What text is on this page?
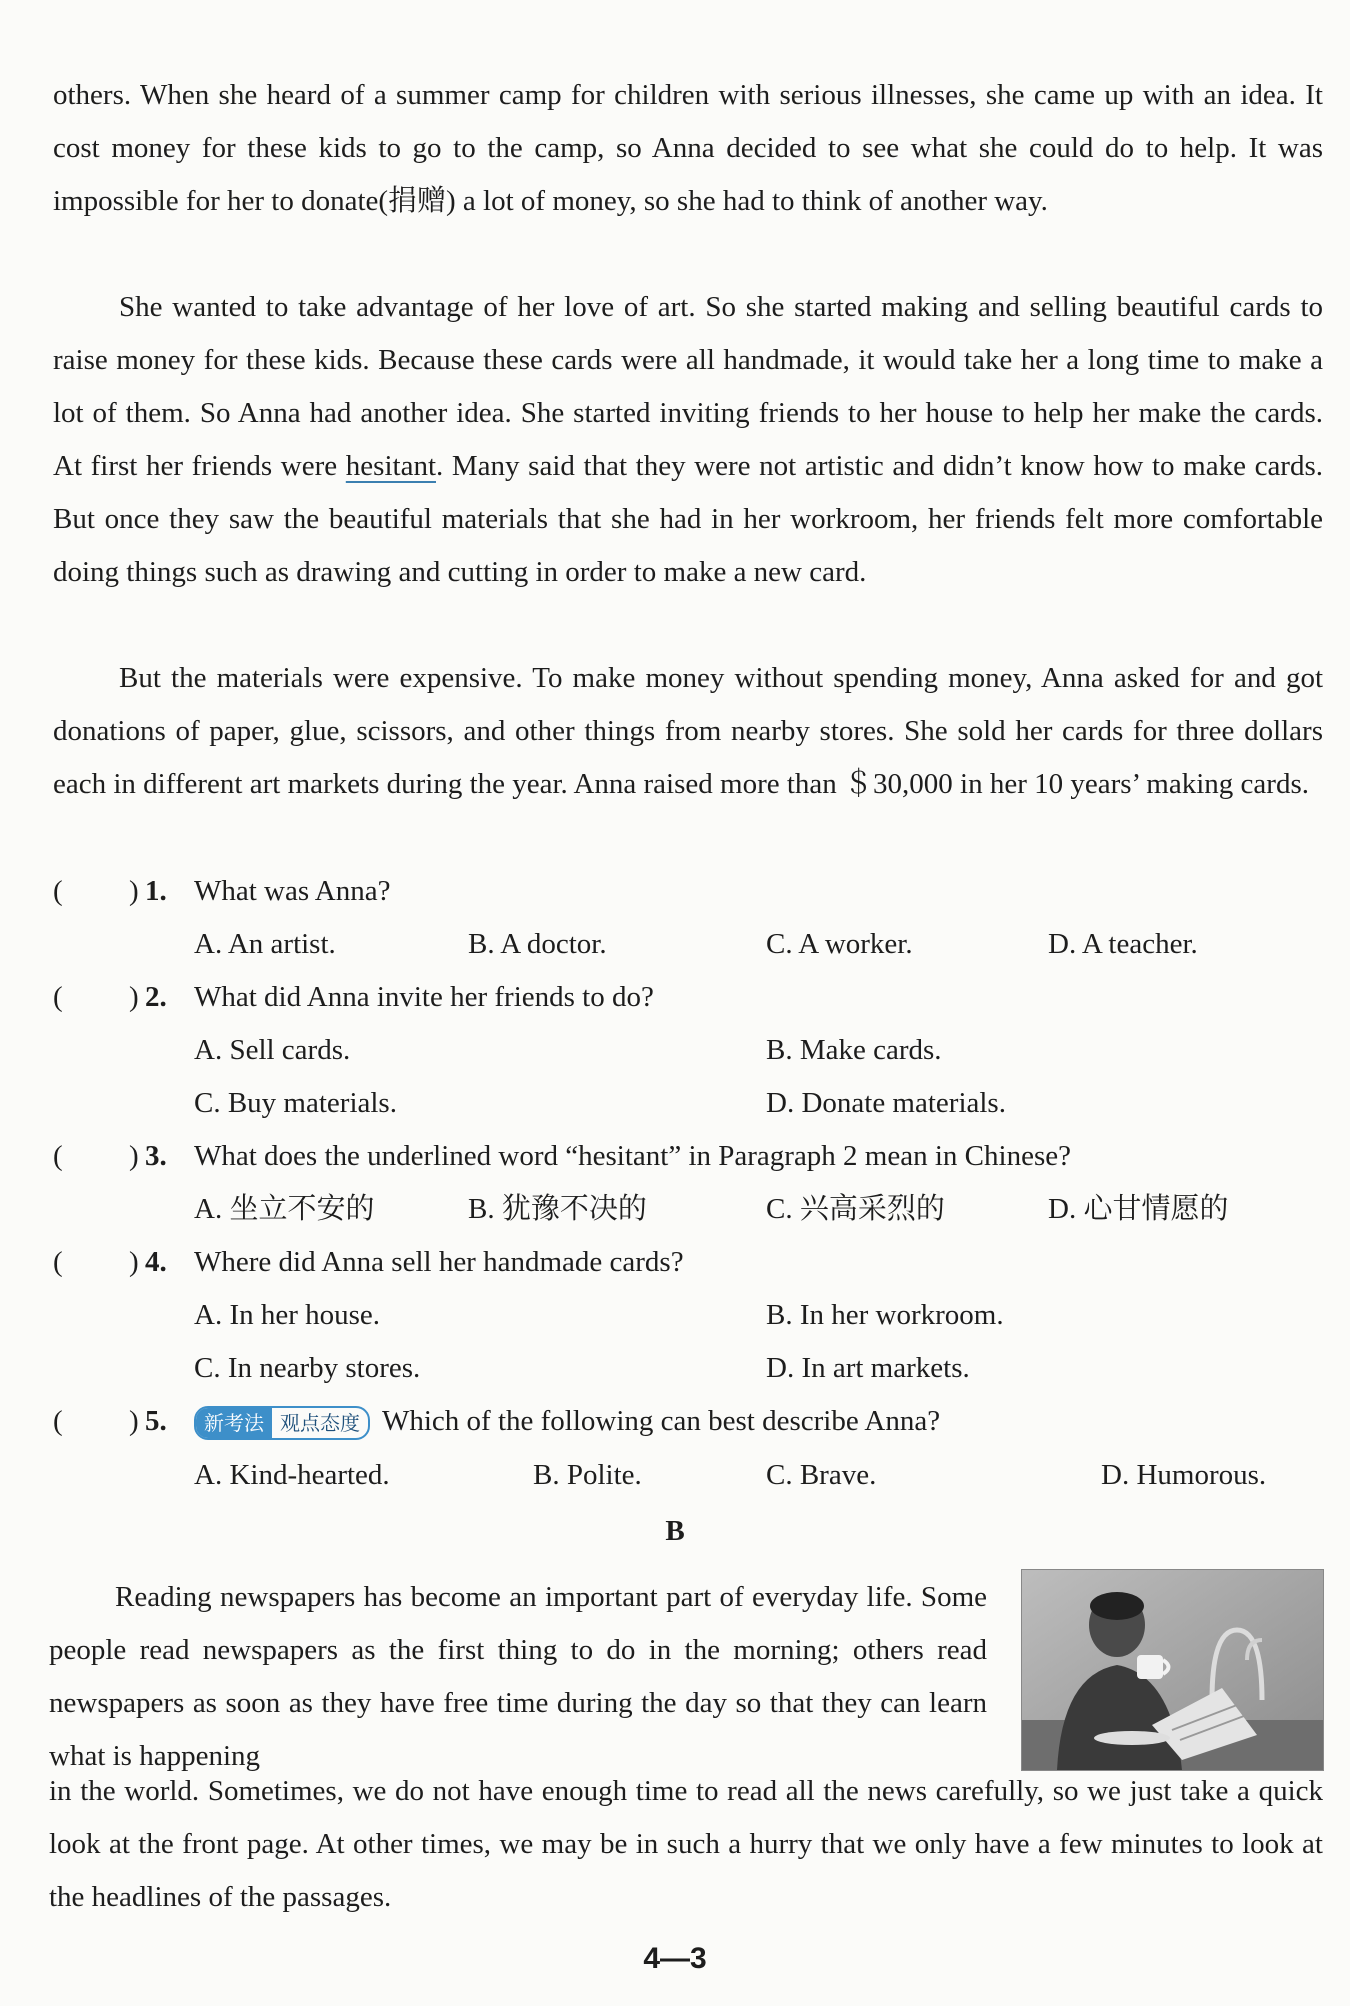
others. When she heard of a summer camp for children with serious illnesses, she came up with an idea. It cost money for these kids to go to the camp, so Anna decided to see what she could do to help. It was impossible for her to donate(捐赠) a lot of money, so she had to think of another way.

She wanted to take advantage of her love of art. So she started making and selling beautiful cards to raise money for these kids. Because these cards were all handmade, it would take her a long time to make a lot of them. So Anna had another idea. She started inviting friends to her house to help her make the cards. At first her friends were hesitant. Many said that they were not artistic and didn’t know how to make cards. But once they saw the beautiful materials that she had in her workroom, her friends felt more comfortable doing things such as drawing and cutting in order to make a new card.

But the materials were expensive. To make money without spending money, Anna asked for and got donations of paper, glue, scissors, and other things from nearby stores. She sold her cards for three dollars each in different art markets during the year. Anna raised more than ＄30,000 in her 10 years’ making cards.

( ) 1. What was Anna?
A. An artist.	B. A doctor.	C. A worker.	D. A teacher.
( ) 2. What did Anna invite her friends to do?
A. Sell cards.	B. Make cards.
C. Buy materials.	D. Donate materials.
( ) 3. What does the underlined word “hesitant” in Paragraph 2 mean in Chinese?
A. 坐立不安的	B. 犹豫不决的	C. 兴高采烈的	D. 心甘情愿的
( ) 4. Where did Anna sell her handmade cards?
A. In her house.	B. In her workroom.
C. In nearby stores.	D. In art markets.
( ) 5.	新考法 观点态度 Which of the following can best describe Anna?
A. Kind-hearted.	B. Polite.	C. Brave.	D. Humorous.
B

Reading newspapers has become an important part of everyday life. Some people read newspapers as the first thing to do in the morning; others read newspapers as soon as they have free time during the day so that they can learn what is happening

in the world. Sometimes, we do not have enough time to read all the news carefully, so we just take a quick look at the front page. At other times, we may be in such a hurry that we only have a few minutes to look at the headlines of the passages.

4—3
